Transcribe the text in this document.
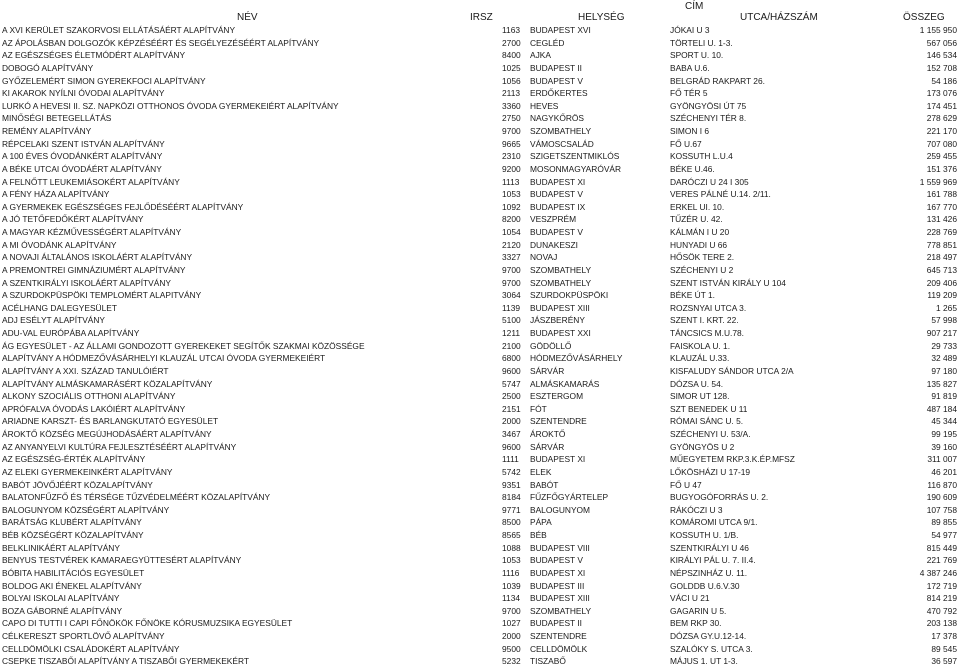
CÍM
NÉV	IRSZ	HELYSÉG	UTCA/HÁZSZÁM	ÖSSZEG
A XVI KERÜLET SZAKORVOSI ELLÁTÁSÁÉRT ALAPÍTVÁNY	1163	BUDAPEST XVI	JÓKAI U 3	1 155 950
AZ ÁPOLÁSBAN DOLGOZÓK KÉPZÉSÉÉRT ÉS SEGÉLYEZÉSÉÉRT ALAPÍTVÁNY	2700	CEGLÉD	TÖRTELI U. 1-3.	567 056
AZ EGÉSZSÉGES ÉLETMÓDÉRT ALAPÍTVÁNY	8400	AJKA	SPORT U. 10.	146 534
DOBOGÓ ALAPÍTVÁNY	1025	BUDAPEST II	BABA U.6.	152 708
GYŐZELEMÉRT SIMON GYEREKFOCI ALAPÍTVÁNY	1056	BUDAPEST V	BELGRÁD RAKPART 26.	54 186
KI AKAROK NYÍLNI ÓVODAI ALAPÍTVÁNY	2113	ERDŐKERTES	FŐ TÉR 5	173 076
LURKÓ A HEVESI II. SZ. NAPKÖZI OTTHONOS ÓVODA GYERMEKEIÉRT ALAPÍTVÁNY	3360	HEVES	GYÖNGYÖSI ÚT 75	174 451
MINŐSÉGI BETEGELLÁTÁS	2750	NAGYKŐRÖS	SZÉCHENYI TÉR 8.	278 629
REMÉNY ALAPÍTVÁNY	9700	SZOMBATHELY	SIMON I 6	221 170
RÉPCELAKI SZENT ISTVÁN ALAPÍTVÁNY	9665	VÁMOSCSALÁD	FŐ U.67	707 080
A 100 ÉVES ÓVODÁNKÉRT ALAPÍTVÁNY	2310	SZIGETSZENTMIKLÓS	KOSSUTH L.U.4	259 455
A BÉKE UTCAI ÓVODÁÉRT ALAPÍTVÁNY	9200	MOSONMAGYARÓVÁR	BÉKE U.46.	151 376
A FELNŐTT LEUKEMIÁSOKÉRT ALAPÍTVÁNY	1113	BUDAPEST XI	DARÓCZI U 24 I 305	1 559 969
A FÉNY HÁZA ALAPÍTVÁNY	1053	BUDAPEST V	VERES PÁLNÉ U.14. 2/11.	161 788
A GYERMEKEK EGÉSZSÉGES FEJLŐDÉSÉÉRT ALAPÍTVÁNY	1092	BUDAPEST IX	ERKEL UI. 10.	167 770
A JÓ TETŐFEDŐKÉRT ALAPÍTVÁNY	8200	VESZPRÉM	TŰZÉR U. 42.	131 426
A MAGYAR KÉZMŰVESSÉGÉRT ALAPÍTVÁNY	1054	BUDAPEST V	KÁLMÁN I U 20	228 769
A MI ÓVODÁNK ALAPÍTVÁNY	2120	DUNAKESZI	HUNYADI U 66	778 851
A NOVAJI ÁLTALÁNOS ISKOLÁÉRT ALAPÍTVÁNY	3327	NOVAJ	HŐSÖK TERE 2.	218 497
A PREMONTREI GIMNÁZIUMÉRT ALAPÍTVÁNY	9700	SZOMBATHELY	SZÉCHENYI U 2	645 713
A SZENTKIRÁLYI ISKOLÁÉRT ALAPÍTVÁNY	9700	SZOMBATHELY	SZENT ISTVÁN KIRÁLY U 104	209 406
A SZURDOKPÜSPÖKI TEMPLOMÉRT ALAPITVÁNY	3064	SZURDOKPÜSPÖKI	BÉKE ÚT 1.	119 209
ACÉLHANG DALEGYESÜLET	1139	BUDAPEST XIII	ROZSNYAI UTCA 3.	1 265
ADJ ESÉLYT ALAPÍTVÁNY	5100	JÁSZBERÉNY	SZENT I. KRT. 22.	57 998
ADU-VAL EURÓPÁBA ALAPÍTVÁNY	1211	BUDAPEST XXI	TÁNCSICS M.U.78.	907 217
ÁG EGYESÜLET - AZ ÁLLAMI GONDOZOTT GYEREKEKET SEGÍTŐK SZAKMAI KÖZÖSSÉGE	2100	GÖDÖLLŐ	FAISKOLA U. 1.	29 733
ALAPÍTVÁNY A HÓDMEZŐVÁSÁRHELYI KLAUZÁL UTCAI ÓVODA GYERMEKEIÉRT	6800	HÓDMEZŐVÁSÁRHELY	KLAUZÁL U.33.	32 489
ALAPÍTVÁNY A XXI. SZÁZAD TANULÓIÉRT	9600	SÁRVÁR	KISFALUDY SÁNDOR UTCA 2/A	97 180
ALAPÍTVÁNY ALMÁSKAMARÁSÉRT KÖZALAPÍTVÁNY	5747	ALMÁSKAMARÁS	DÓZSA U. 54.	135 827
ALKONY SZOCIÁLIS OTTHONI ALAPÍTVÁNY	2500	ESZTERGOM	SIMOR UT 128.	91 819
APRÓFALVA ÓVODÁS LAKÓIÉRT ALAPÍTVÁNY	2151	FÓT	SZT BENEDEK U 11	487 184
ARIADNE KARSZT- ÉS BARLANGKUTATÓ EGYESÜLET	2000	SZENTENDRE	RÓMAI SÁNC U. 5.	45 344
ÁROKTŐ KÖZSÉG MEGÚJHODÁSÁÉRT ALAPÍTVÁNY	3467	ÁROKTŐ	SZÉCHENYI U. 53/A.	99 195
AZ ANYANYELVI KULTÚRA FEJLESZTÉSÉÉRT ALAPÍTVÁNY	9600	SÁRVÁR	GYÖNGYÖS U 2	39 160
AZ EGÉSZSÉG-ÉRTÉK ALAPÍTVÁNY	1111	BUDAPEST XI	MŰEGYETEM RKP.3.K.ÉP.MFSZ	311 007
AZ ELEKI GYERMEKEINKÉRT ALAPÍTVÁNY	5742	ELEK	LŐKÖSHÁZI U 17-19	46 201
BABÓT JÖVŐJÉÉRT KÖZALAPÍTVÁNY	9351	BABÓT	FŐ U 47	116 870
BALATONFŰZFŐ ÉS TÉRSÉGE TŰZVÉDELMÉÉRT KÖZALAPÍTVÁNY	8184	FŰZFŐGYÁRTELEP	BUGYOGÓFORRÁS U. 2.	190 609
BALOGUNYOM KÖZSÉGÉRT ALAPÍTVÁNY	9771	BALOGUNYOM	RÁKÓCZI U 3	107 758
BARÁTSÁG KLUBÉRT ALAPÍTVÁNY	8500	PÁPA	KOMÁROMI UTCA 9/1.	89 855
BÉB KÖZSÉGÉRT KÖZALAPÍTVÁNY	8565	BÉB	KOSSUTH U. 1/B.	54 977
BELKLINIKÁÉRT ALAPÍTVÁNY	1088	BUDAPEST VIII	SZENTKIRÁLYI U 46	815 449
BENYUS TESTVÉREK KAMARAEGYÜTTESÉRT ALAPÍTVÁNY	1053	BUDAPEST V	KIRÁLYI PÁL U. 7. II.4.	221 769
BÓBITA HABILITÁCIÓS EGYESÜLET	1116	BUDAPEST XI	NÉPSZINHÁZ U. 11.	4 387 246
BOLDOG AKI ÉNEKEL ALAPÍTVÁNY	1039	BUDAPEST III	GOLDDB U.6.V.30	172 719
BOLYAI ISKOLAI ALAPÍTVÁNY	1134	BUDAPEST XIII	VÁCI U 21	814 219
BOZA GÁBORNÉ ALAPÍTVÁNY	9700	SZOMBATHELY	GAGARIN U 5.	470 792
CAPO DI TUTTI I CAPI FŐNÖKÖK FŐNÖKE KÓRUSMUZSIKA EGYESÜLET	1027	BUDAPEST II	BEM RKP 30.	203 138
CÉLKERESZT SPORTLÖVŐ ALAPÍTVÁNY	2000	SZENTENDRE	DÓZSA GY.U.12-14.	17 378
CELLDÖMÖLKI CSALÁDOKÉRT ALAPÍTVÁNY	9500	CELLDÖMÖLK	SZALÓKY S. UTCA 3.	89 545
CSEPKE TISZABŐI ALAPÍTVÁNY A TISZABŐI GYERMEKEKÉRT	5232	TISZABŐ	MÁJUS 1. UT 1-3.	36 597
